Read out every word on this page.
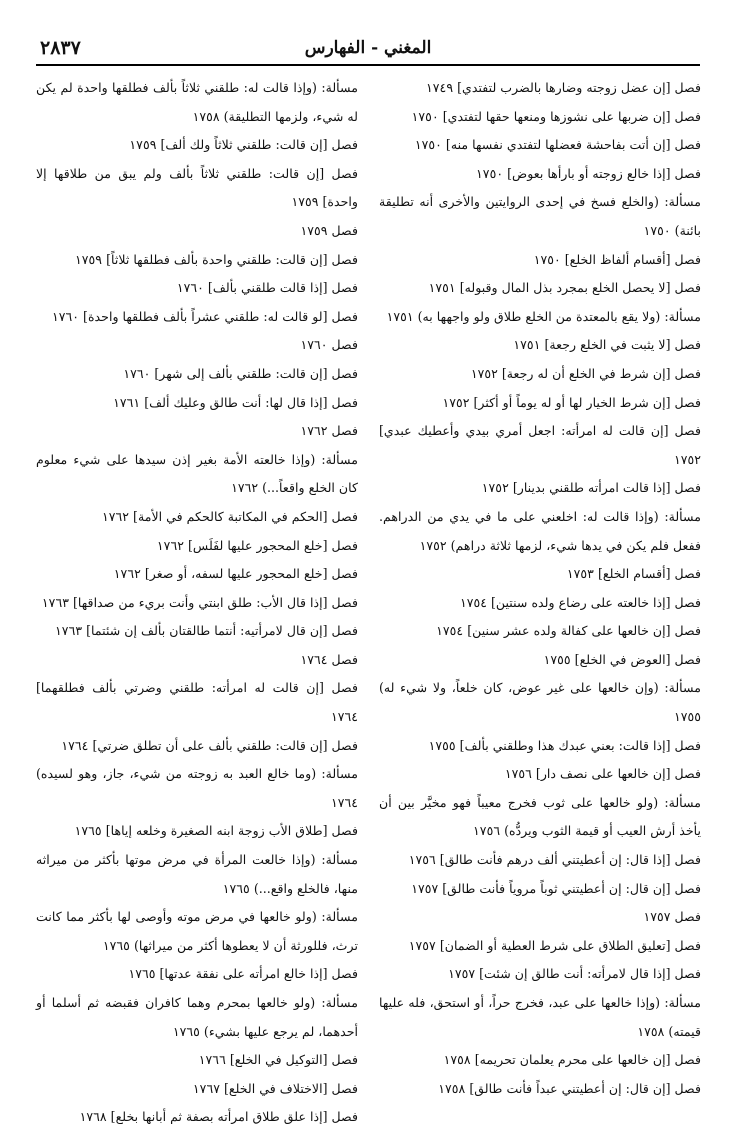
المغني - الفهارس
٢٨٣٧

فصل [إن عضل زوجته وضارها بالضرب لتفتدي] ١٧٤٩

فصل [إن ضربها على نشوزها ومنعها حقها لتفتدي] ١٧٥٠

فصل [إن أتت بفاحشة فعضلها لتفتدي نفسها منه] ١٧٥٠

فصل [إذا خالع زوجته أو بارأها بعوض] ١٧٥٠

مسألة: (والخلع فسخ في إحدى الروايتين والأخرى أنه تطليقة بائنة) ١٧٥٠

فصل [أقسام ألفاظ الخلع] ١٧٥٠

فصل [لا يحصل الخلع بمجرد بذل المال وقبوله] ١٧٥١

مسألة: (ولا يقع بالمعتدة من الخلع طلاق ولو واجهها به) ١٧٥١

فصل [لا يثبت في الخلع رجعة] ١٧٥١

فصل [إن شرط في الخلع أن له رجعة] ١٧٥٢

فصل [إن شرط الخيار لها أو له يوماً أو أكثر] ١٧٥٢

فصل [إن قالت له امرأته: اجعل أمري بيدي وأعطيك عبدي] ١٧٥٢

فصل [إذا قالت امرأته طلقني بدينار] ١٧٥٢

مسألة: (وإذا قالت له: اخلعني على ما في يدي من الدراهم. ففعل فلم يكن في يدها شيء، لزمها ثلاثة دراهم) ١٧٥٢

فصل [أقسام الخلع] ١٧٥٣

فصل [إذا خالعته على رضاع ولده سنتين] ١٧٥٤

فصل [إن خالعها على كفالة ولده عشر سنين] ١٧٥٤

فصل [العوض في الخلع] ١٧٥٥

مسألة: (وإن خالعها على غير عوض، كان خلعاً، ولا شيء له) ١٧٥٥

فصل [إذا قالت: بعني عبدك هذا وطلقني بألف] ١٧٥٥

فصل [إن خالعها على نصف دار] ١٧٥٦

مسألة: (ولو خالعها على ثوب فخرج معيباً فهو مخيَّر بين أن يأخذ أرش العيب أو قيمة الثوب ويردُّه) ١٧٥٦

فصل [إذا قال: إن أعطيتني ألف درهم فأنت طالق] ١٧٥٦

فصل [إن قال: إن أعطيتني ثوباً مروياً فأنت طالق] ١٧٥٧

فصل ١٧٥٧

فصل [تعليق الطلاق على شرط العطية أو الضمان] ١٧٥٧

فصل [إذا قال لامرأته: أنت طالق إن شئت] ١٧٥٧

مسألة: (وإذا خالعها على عبد، فخرج حراً، أو استحق، فله عليها قيمته) ١٧٥٨

فصل [إن خالعها على محرم يعلمان تحريمه] ١٧٥٨

فصل [إن قال: إن أعطيتني عبداً فأنت طالق] ١٧٥٨

مسألة: (وإذا قالت له: طلقني ثلاثاً بألف فطلقها واحدة لم يكن له شيء، ولزمها التطليقة) ١٧٥٨

فصل [إن قالت: طلقني ثلاثاً ولك ألف] ١٧٥٩

فصل [إن قالت: طلقني ثلاثاً بألف ولم يبق من طلاقها إلا واحدة] ١٧٥٩

فصل ١٧٥٩

فصل [إن قالت: طلقني واحدة بألف فطلقها ثلاثاً] ١٧٥٩

فصل [إذا قالت طلقني بألف] ١٧٦٠

فصل [لو قالت له: طلقني عشراً بألف فطلقها واحدة] ١٧٦٠

فصل ١٧٦٠

فصل [إن قالت: طلقني بألف إلى شهر] ١٧٦٠

فصل [إذا قال لها: أنت طالق وعليك ألف] ١٧٦١

فصل ١٧٦٢

مسألة: (وإذا خالعته الأمة بغير إذن سيدها على شيء معلوم كان الخلع واقعاً...) ١٧٦٢

فصل [الحكم في المكاتبة كالحكم في الأمة] ١٧٦٢

فصل [خلع المحجور عليها لفَلَس] ١٧٦٢

فصل [خلع المحجور عليها لسفه، أو صغر] ١٧٦٢

فصل [إذا قال الأب: طلق ابنتي وأنت بريء من صداقها] ١٧٦٣

فصل [إن قال لامرأتيه: أنتما طالقتان بألف إن شئتما] ١٧٦٣

فصل ١٧٦٤

فصل [إن قالت له امرأته: طلقني وضرتي بألف فطلقهما] ١٧٦٤

فصل [إن قالت: طلقني بألف على أن تطلق ضرتي] ١٧٦٤

مسألة: (وما خالع العبد به زوجته من شيء، جاز، وهو لسيده) ١٧٦٤

فصل [طلاق الأب زوجة ابنه الصغيرة وخلعه إياها] ١٧٦٥

مسألة: (وإذا خالعت المرأة في مرض موتها بأكثر من ميراثه منها، فالخلع واقع...) ١٧٦٥

مسألة: (ولو خالعها في مرض موته وأوصى لها بأكثر مما كانت ترث، فللورثة أن لا يعطوها أكثر من ميراثها) ١٧٦٥

فصل [إذا خالع امرأته على نفقة عدتها] ١٧٦٥

مسألة: (ولو خالعها بمحرم وهما كافران فقبضه ثم أسلما أو أحدهما، لم يرجع عليها بشيء) ١٧٦٥

فصل [التوكيل في الخلع] ١٧٦٦

فصل [الاختلاف في الخلع] ١٧٦٧

فصل [إذا علق طلاق امرأته بصفة ثم أبانها بخلع] ١٧٦٨
